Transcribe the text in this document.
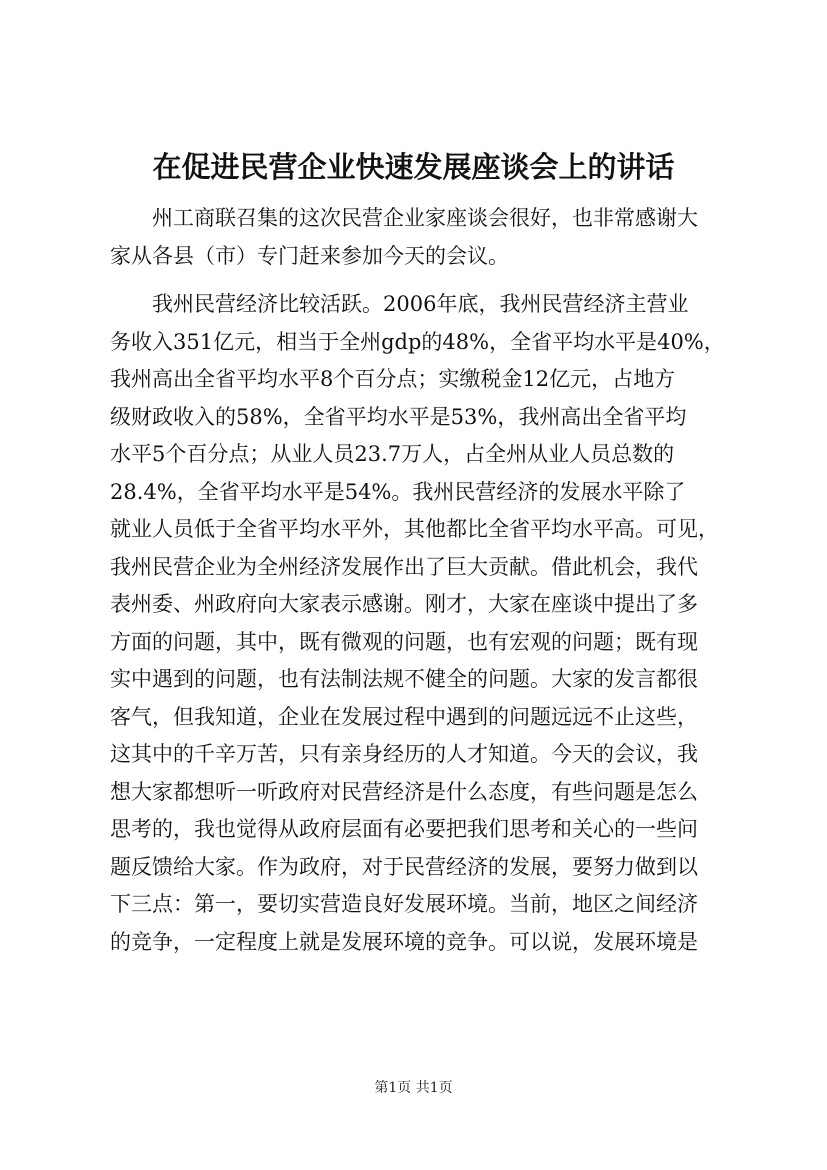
在促进民营企业快速发展座谈会上的讲话

州工商联召集的这次民营企业家座谈会很好，也非常感谢大
家从各县（市）专门赶来参加今天的会议。

我州民营经济比较活跃。2006年底，我州民营经济主营业
务收入351亿元，相当于全州gdp的48%，全省平均水平是40%，
我州高出全省平均水平8个百分点；实缴税金12亿元，占地方
级财政收入的58%，全省平均水平是53%，我州高出全省平均
水平5个百分点；从业人员23.7万人，占全州从业人员总数的
28.4%，全省平均水平是54%。我州民营经济的发展水平除了
就业人员低于全省平均水平外，其他都比全省平均水平高。可见，
我州民营企业为全州经济发展作出了巨大贡献。借此机会，我代
表州委、州政府向大家表示感谢。刚才，大家在座谈中提出了多
方面的问题，其中，既有微观的问题，也有宏观的问题；既有现
实中遇到的问题，也有法制法规不健全的问题。大家的发言都很
客气，但我知道，企业在发展过程中遇到的问题远远不止这些，
这其中的千辛万苦，只有亲身经历的人才知道。今天的会议，我
想大家都想听一听政府对民营经济是什么态度，有些问题是怎么
思考的，我也觉得从政府层面有必要把我们思考和关心的一些问
题反馈给大家。作为政府，对于民营经济的发展，要努力做到以
下三点：第一，要切实营造良好发展环境。当前，地区之间经济
的竞争，一定程度上就是发展环境的竞争。可以说，发展环境是

第1页 共1页
